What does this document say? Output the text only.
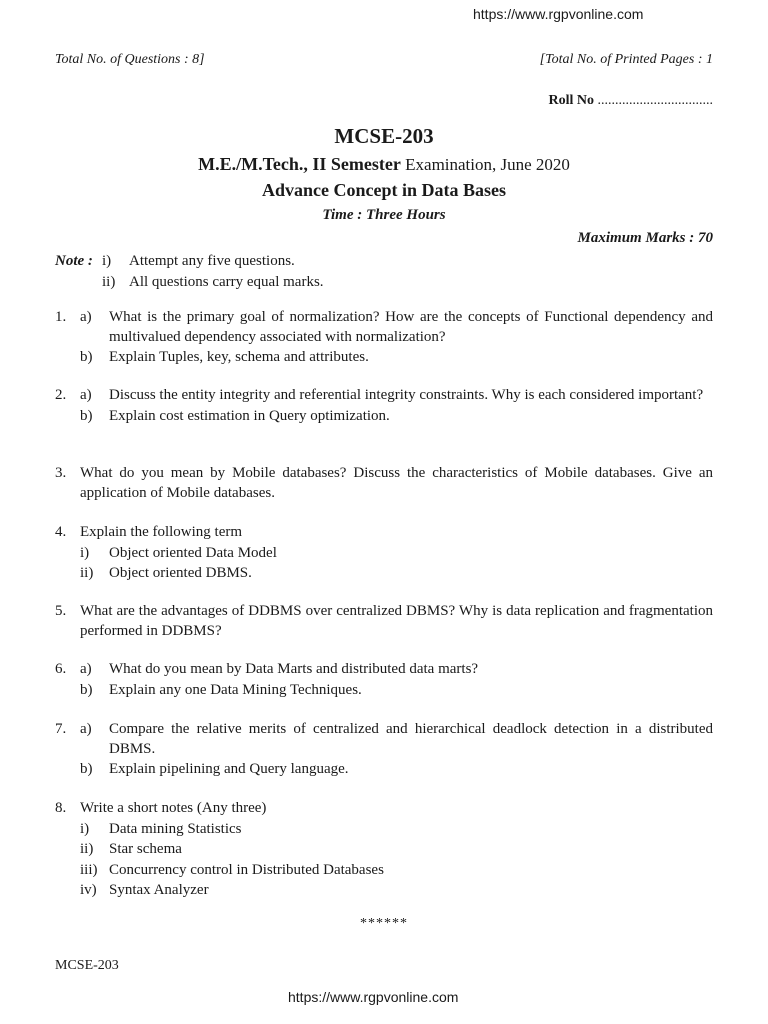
https://www.rgpvonline.com
Total No. of Questions : 8]	[Total No. of Printed Pages : 1
Roll No .................................
MCSE-203
M.E./M.Tech., II Semester Examination, June 2020
Advance Concept in Data Bases
Time : Three Hours
Maximum Marks : 70
Note : i)	Attempt any five questions.
ii) All questions carry equal marks.
1. a)	What is the primary goal of normalization? How are the concepts of Functional dependency and multivalued dependency associated with normalization?
b)	Explain Tuples, key, schema and attributes.
2. a)	Discuss the entity integrity and referential integrity constraints. Why is each considered important?
b)	Explain cost estimation in Query optimization.
3. What do you mean by Mobile databases? Discuss the characteristics of Mobile databases. Give an application of Mobile databases.
4. Explain the following term
i)	Object oriented Data Model
ii)	Object oriented DBMS.
5. What are the advantages of DDBMS over centralized DBMS? Why is data replication and fragmentation performed in DDBMS?
6. a)	What do you mean by Data Marts and distributed data marts?
b)	Explain any one Data Mining Techniques.
7. a)	Compare the relative merits of centralized and hierarchical deadlock detection in a distributed DBMS.
b)	Explain pipelining and Query language.
8. Write a short notes (Any three)
i)	Data mining Statistics
ii)	Star schema
iii) Concurrency control in Distributed Databases
iv) Syntax Analyzer
******
MCSE-203
https://www.rgpvonline.com
